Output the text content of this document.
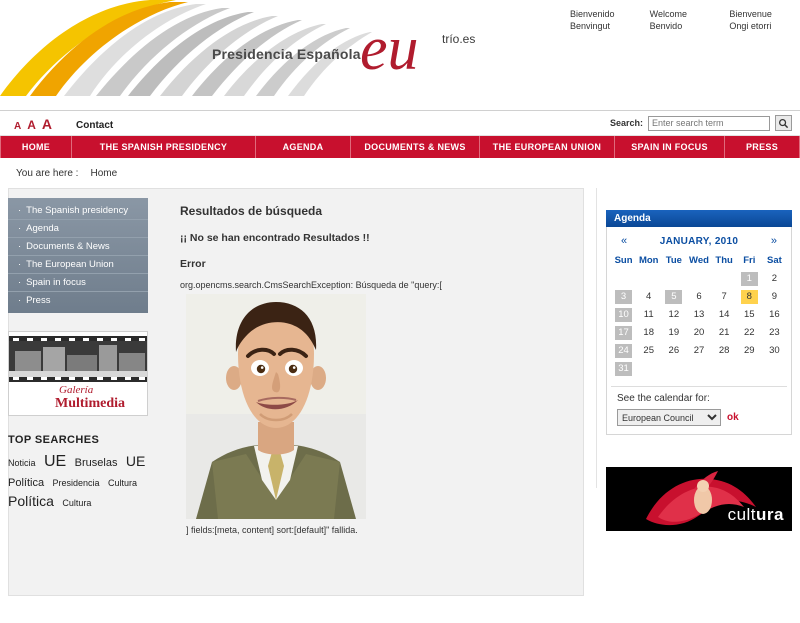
Presidencia Española eu trío.es
Bienvenido
Benvingut
Welcome
Benvido
Bienvenue
Ongi etorri
A A A Contact	Search:
Enter search term
HOME	THE SPANISH PRESIDENCY	AGENDA	DOCUMENTS & NEWS	THE EUROPEAN UNION	SPAIN IN FOCUS	PRESS
You are here : Home
· The Spanish presidency
· Agenda
· Documents & News
· The European Union
· Spain in focus
· Press
Galería
Multimedia
TOP SEARCHES
Noticia UE Bruselas UE Política Presidencia Cultura Política Cultura
Resultados de búsqueda
¡¡ No se han encontrado Resultados !!
Error
org.opencms.search.CmsSearchException: Búsqueda de "query:[
] fields:[meta, content] sort:[default]" fallida.
Agenda
«	JANUARY, 2010	»
Sun	Mon	Tue	Wed	Thu	Fri	Sat

					1	2

3	4	5	6	7	8	9

10	11	12	13	14	15	16

17	18	19	20	21	22	23

24	25	26	27	28	29	30

31						

See the calendar for:
European Council
ok
cultura
